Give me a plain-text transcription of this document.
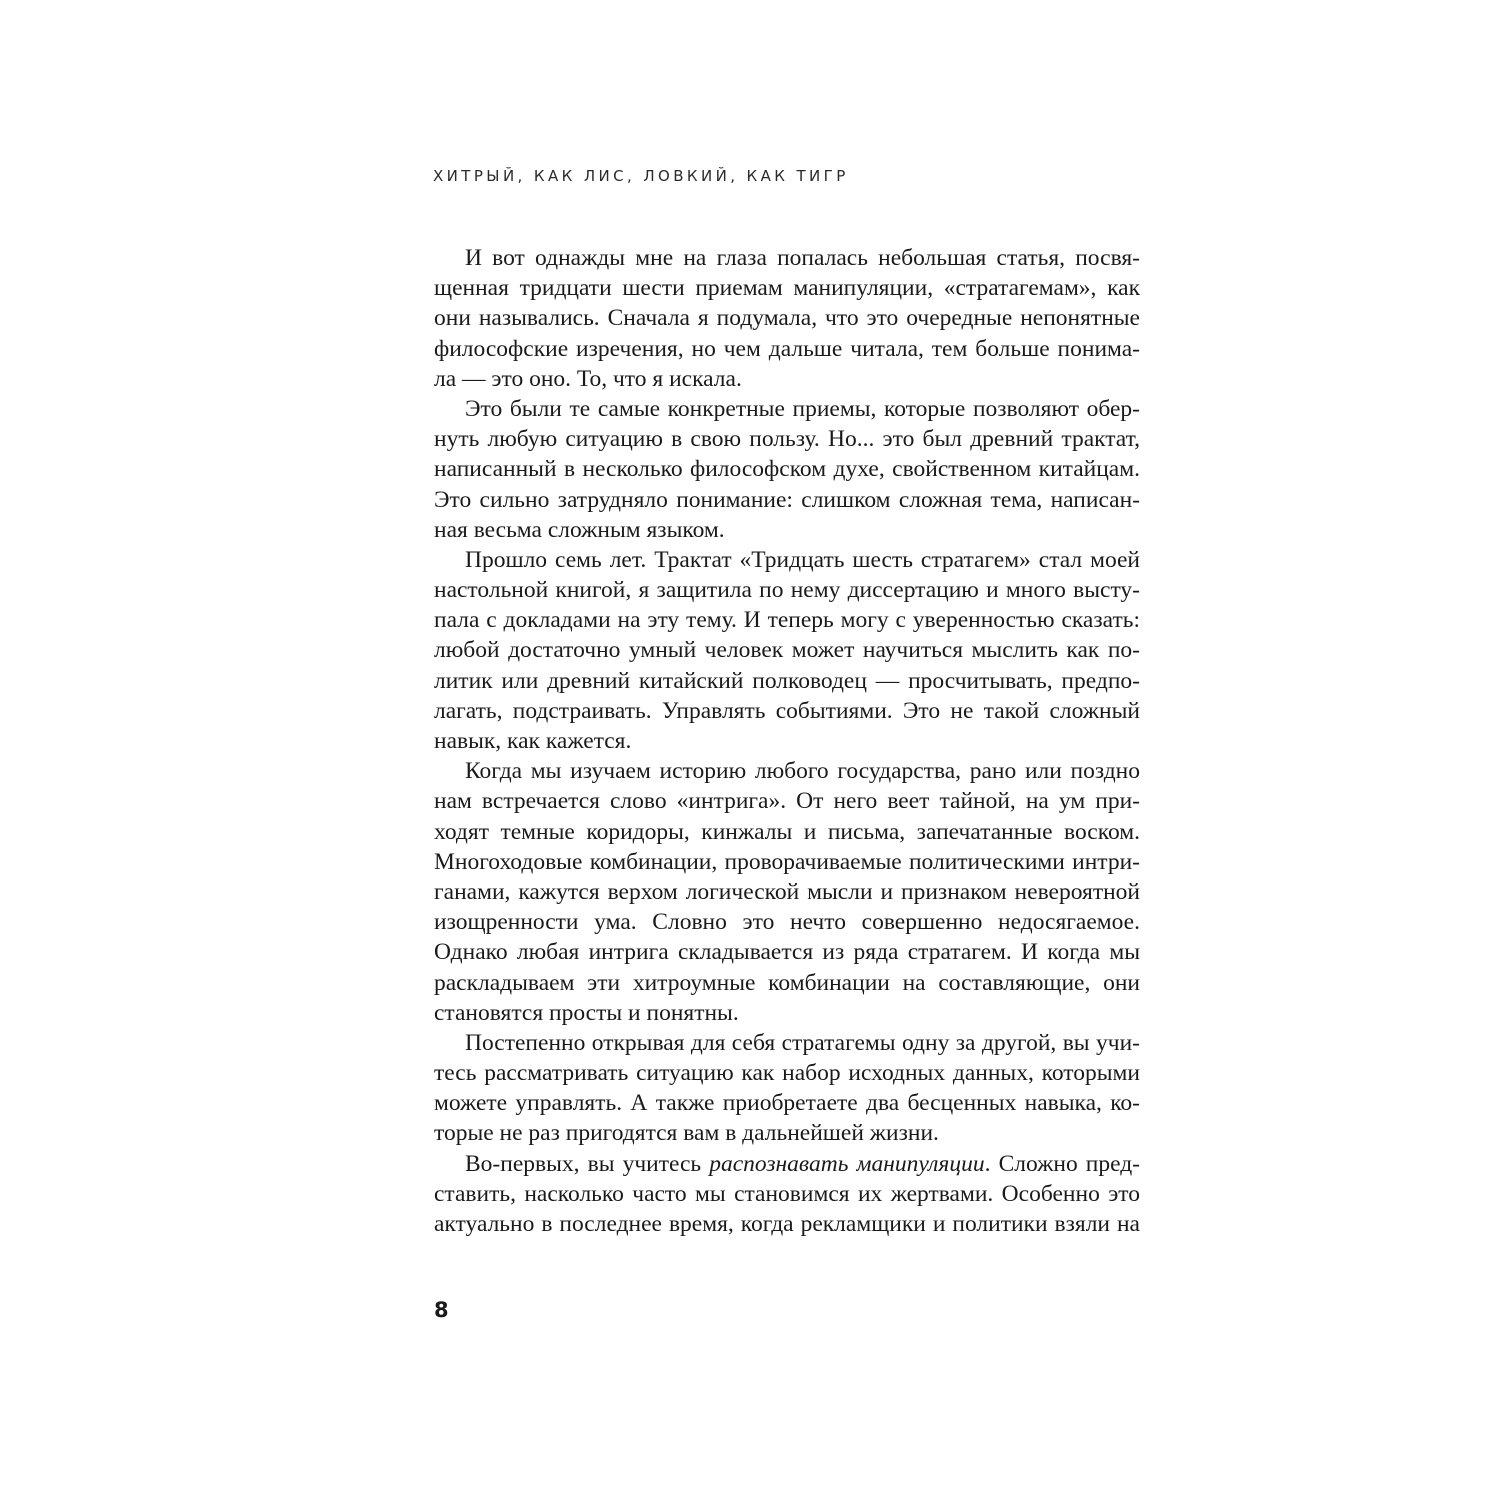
ХИТРЫЙ, КАК ЛИС, ЛОВКИЙ, КАК ТИГР
И вот однажды мне на глаза попалась небольшая статья, посвя-
щенная тридцати шести приемам манипуляции, «стратагемам», как
они назывались. Сначала я подумала, что это очередные непонятные
философские изречения, но чем дальше читала, тем больше понима-
ла — это оно. То, что я искала.
Это были те самые конкретные приемы, которые позволяют обер-
нуть любую ситуацию в свою пользу. Но... это был древний трактат,
написанный в несколько философском духе, свойственном китайцам.
Это сильно затрудняло понимание: слишком сложная тема, написан-
ная весьма сложным языком.
Прошло семь лет. Трактат «Тридцать шесть стратагем» стал моей
настольной книгой, я защитила по нему диссертацию и много высту-
пала с докладами на эту тему. И теперь могу с уверенностью сказать:
любой достаточно умный человек может научиться мыслить как по-
литик или древний китайский полководец — просчитывать, предпо-
лагать, подстраивать. Управлять событиями. Это не такой сложный
навык, как кажется.
Когда мы изучаем историю любого государства, рано или поздно
нам встречается слово «интрига». От него веет тайной, на ум при-
ходят темные коридоры, кинжалы и письма, запечатанные воском.
Многоходовые комбинации, проворачиваемые политическими интри-
ганами, кажутся верхом логической мысли и признаком невероятной
изощренности ума. Словно это нечто совершенно недосягаемое.
Однако любая интрига складывается из ряда стратагем. И когда мы
раскладываем эти хитроумные комбинации на составляющие, они
становятся просты и понятны.
Постепенно открывая для себя стратагемы одну за другой, вы учи-
тесь рассматривать ситуацию как набор исходных данных, которыми
можете управлять. А также приобретаете два бесценных навыка, ко-
торые не раз пригодятся вам в дальнейшей жизни.
Во-первых, вы учитесь распознавать манипуляции. Сложно пред-
ставить, насколько часто мы становимся их жертвами. Особенно это
актуально в последнее время, когда рекламщики и политики взяли на
8
